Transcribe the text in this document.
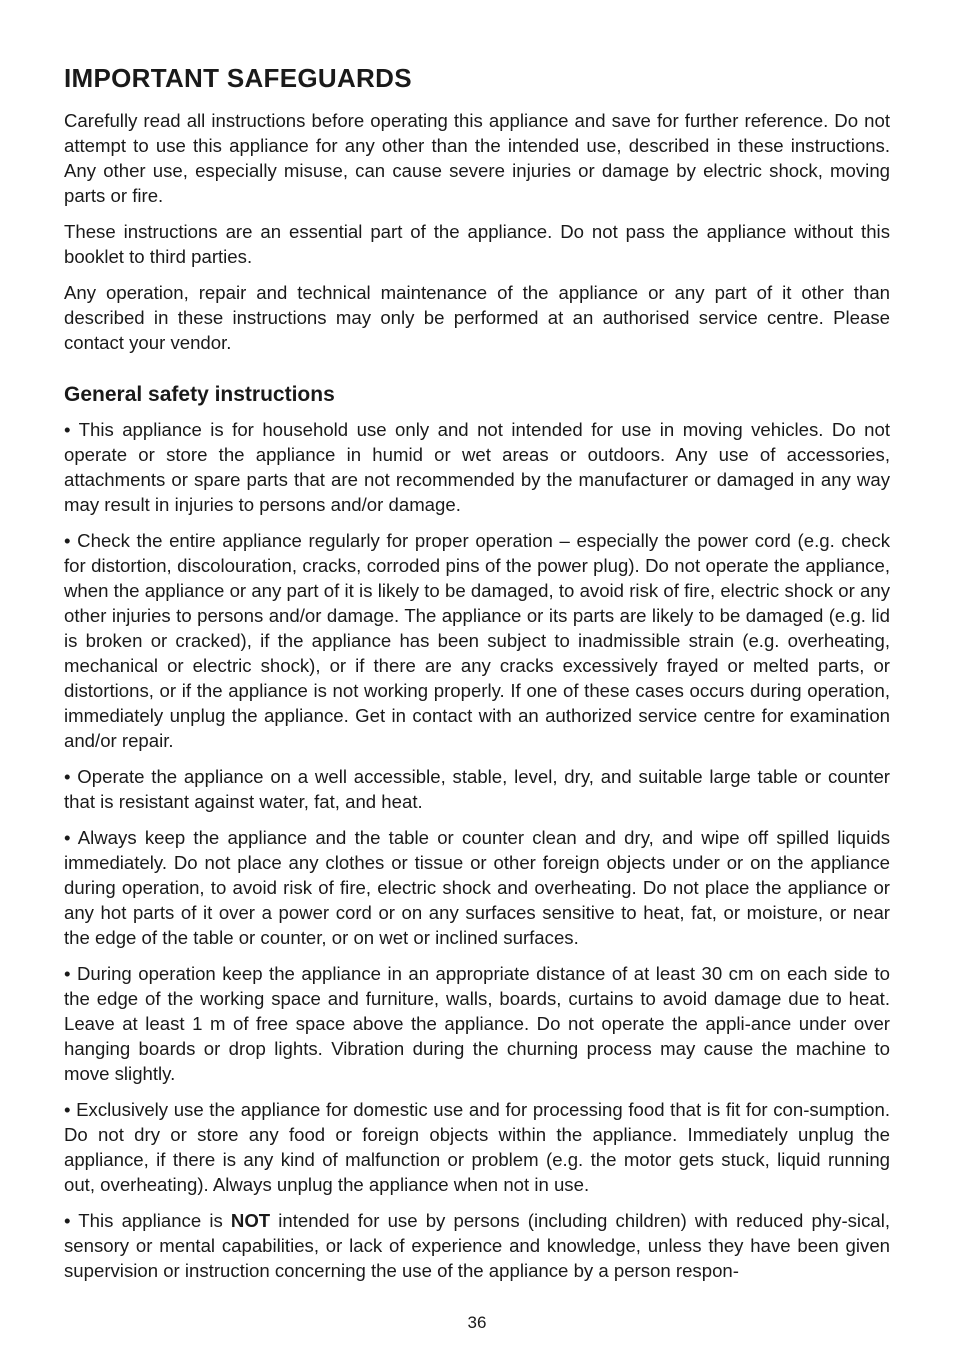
IMPORTANT SAFEGUARDS

Carefully read all instructions before operating this appliance and save for further reference. Do not attempt to use this appliance for any other than the intended use, described in these instructions. Any other use, especially misuse, can cause severe injuries or damage by electric shock, moving parts or fire.

These instructions are an essential part of the appliance. Do not pass the appliance without this booklet to third parties.

Any operation, repair and technical maintenance of the appliance or any part of it other than described in these instructions may only be performed at an authorised service centre. Please contact your vendor.

General safety instructions

• This appliance is for household use only and not intended for use in moving vehicles. Do not operate or store the appliance in humid or wet areas or outdoors. Any use of accessories, attachments or spare parts that are not recommended by the manufacturer or damaged in any way may result in injuries to persons and/or damage.

• Check the entire appliance regularly for proper operation – especially the power cord (e.g. check for distortion, discolouration, cracks, corroded pins of the power plug). Do not operate the appliance, when the appliance or any part of it is likely to be damaged, to avoid risk of fire, electric shock or any other injuries to persons and/or damage. The appliance or its parts are likely to be damaged (e.g. lid is broken or cracked), if the appliance has been subject to inadmissible strain (e.g. overheating, mechanical or electric shock), or if there are any cracks excessively frayed or melted parts, or distortions, or if the appliance is not working properly. If one of these cases occurs during operation, immediately unplug the appliance. Get in contact with an authorized service centre for examination and/or repair.

• Operate the appliance on a well accessible, stable, level, dry, and suitable large table or counter that is resistant against water, fat, and heat.

• Always keep the appliance and the table or counter clean and dry, and wipe off spilled liquids immediately. Do not place any clothes or tissue or other foreign objects under or on the appliance during operation, to avoid risk of fire, electric shock and overheating. Do not place the appliance or any hot parts of it over a power cord or on any surfaces sensitive to heat, fat, or moisture, or near the edge of the table or counter, or on wet or inclined surfaces.

• During operation keep the appliance in an appropriate distance of at least 30 cm on each side to the edge of the working space and furniture, walls, boards, curtains to avoid damage due to heat. Leave at least 1 m of free space above the appliance. Do not operate the appli-ance under over hanging boards or drop lights. Vibration during the churning process may cause the machine to move slightly.

• Exclusively use the appliance for domestic use and for processing food that is fit for con-sumption. Do not dry or store any food or foreign objects within the appliance. Immediately unplug the appliance, if there is any kind of malfunction or problem (e.g. the motor gets stuck, liquid running out, overheating). Always unplug the appliance when not in use.

• This appliance is NOT intended for use by persons (including children) with reduced phy-sical, sensory or mental capabilities, or lack of experience and knowledge, unless they have been given supervision or instruction concerning the use of the appliance by a person respon-

36
